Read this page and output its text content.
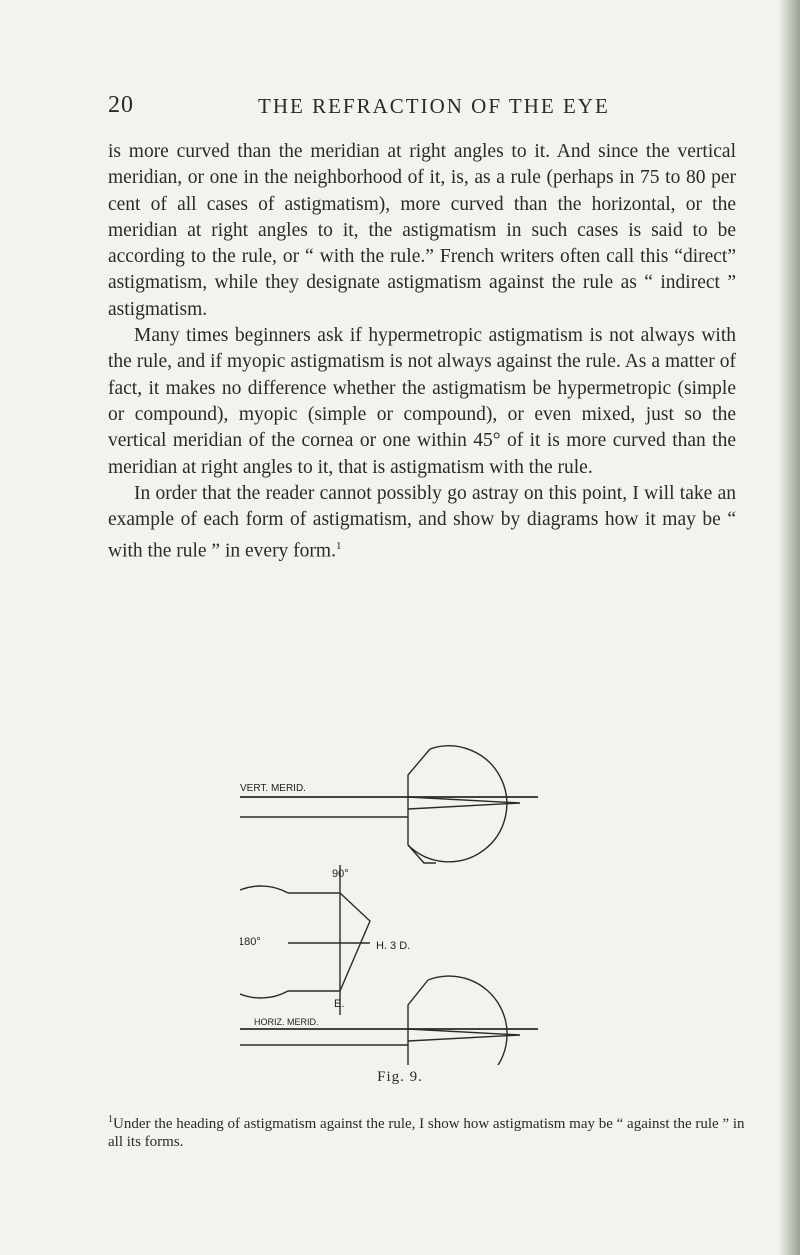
20	THE REFRACTION OF THE EYE

is more curved than the meridian at right angles to it. And since the vertical meridian, or one in the neighborhood of it, is, as a rule (perhaps in 75 to 80 per cent of all cases of astigmatism), more curved than the horizontal, or the meridian at right angles to it, the astigmatism in such cases is said to be according to the rule, or “ with the rule.” French writers often call this “direct” astigmatism, while they designate astigmatism against the rule as “ indirect ” astigmatism.

Many times beginners ask if hypermetropic astigmatism is not always with the rule, and if myopic astigmatism is not always against the rule. As a matter of fact, it makes no difference whether the astigmatism be hypermetropic (simple or compound), myopic (simple or compound), or even mixed, just so the vertical meridian of the cornea or one within 45° of it is more curved than the meridian at right angles to it, that is astigmatism with the rule.

In order that the reader cannot possibly go astray on this point, I will take an example of each form of astigmatism, and show by diagrams how it may be “ with the rule ” in every form.$^1$

VERT. MERID.
90°
180°	H. 3 D.
E.
HORIZ. MERID.
Fig. 9.
$^1$Under the heading of astigmatism against the rule, I show how astigmatism may be “ against the rule ” in all its forms.
